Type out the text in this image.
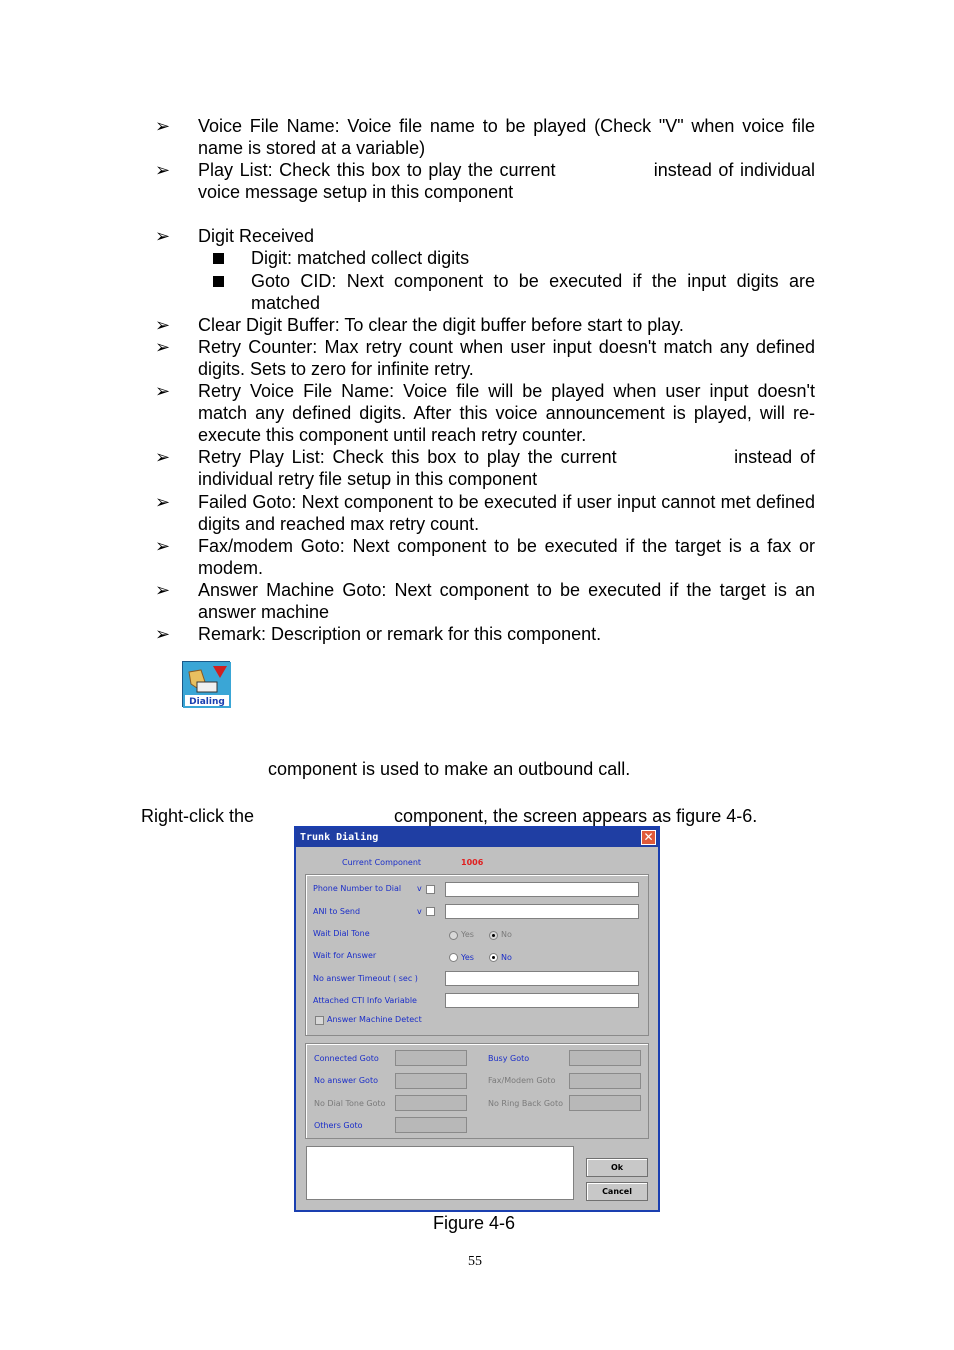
➢ Voice File Name: Voice file name to be played (Check "V" when voice file name is stored at a variable)
➢ Play List: Check this box to play the current               instead of individual voice message setup in this component
➢ Digit Received
Digit: matched collect digits
Goto CID: Next component to be executed if the input digits are matched
➢ Clear Digit Buffer: To clear the digit buffer before start to play.
➢ Retry Counter: Max retry count when user input doesn't match any defined digits. Sets to zero for infinite retry.
➢ Retry Voice File Name: Voice file will be played when user input doesn't match any defined digits. After this voice announcement is played, will re-execute this component until reach retry counter.
➢ Retry Play List: Check this box to play the current               instead of individual retry file setup in this component
➢ Failed Goto: Next component to be executed if user input cannot met defined digits and reached max retry count.
➢ Fax/modem Goto: Next component to be executed if the target is a fax or modem.
➢ Answer Machine Goto: Next component to be executed if the target is an answer machine
➢ Remark: Description or remark for this component.
Dialing
component is used to make an outbound call.
Right-click the	component, the screen appears as figure 4-6.
Trunk Dialing	✕
Current Component	1006
Phone Number to Dial v
ANI to Send	v
Wait Dial Tone	Yes	No
Wait for Answer	Yes	No
No answer Timeout ( sec )
Attached CTI Info Variable
Answer Machine Detect
Connected Goto	Busy Goto
No answer Goto	Fax/Modem Goto
No Dial Tone Goto	No Ring Back Goto
Others Goto
Ok
Cancel
Figure 4-6
55
